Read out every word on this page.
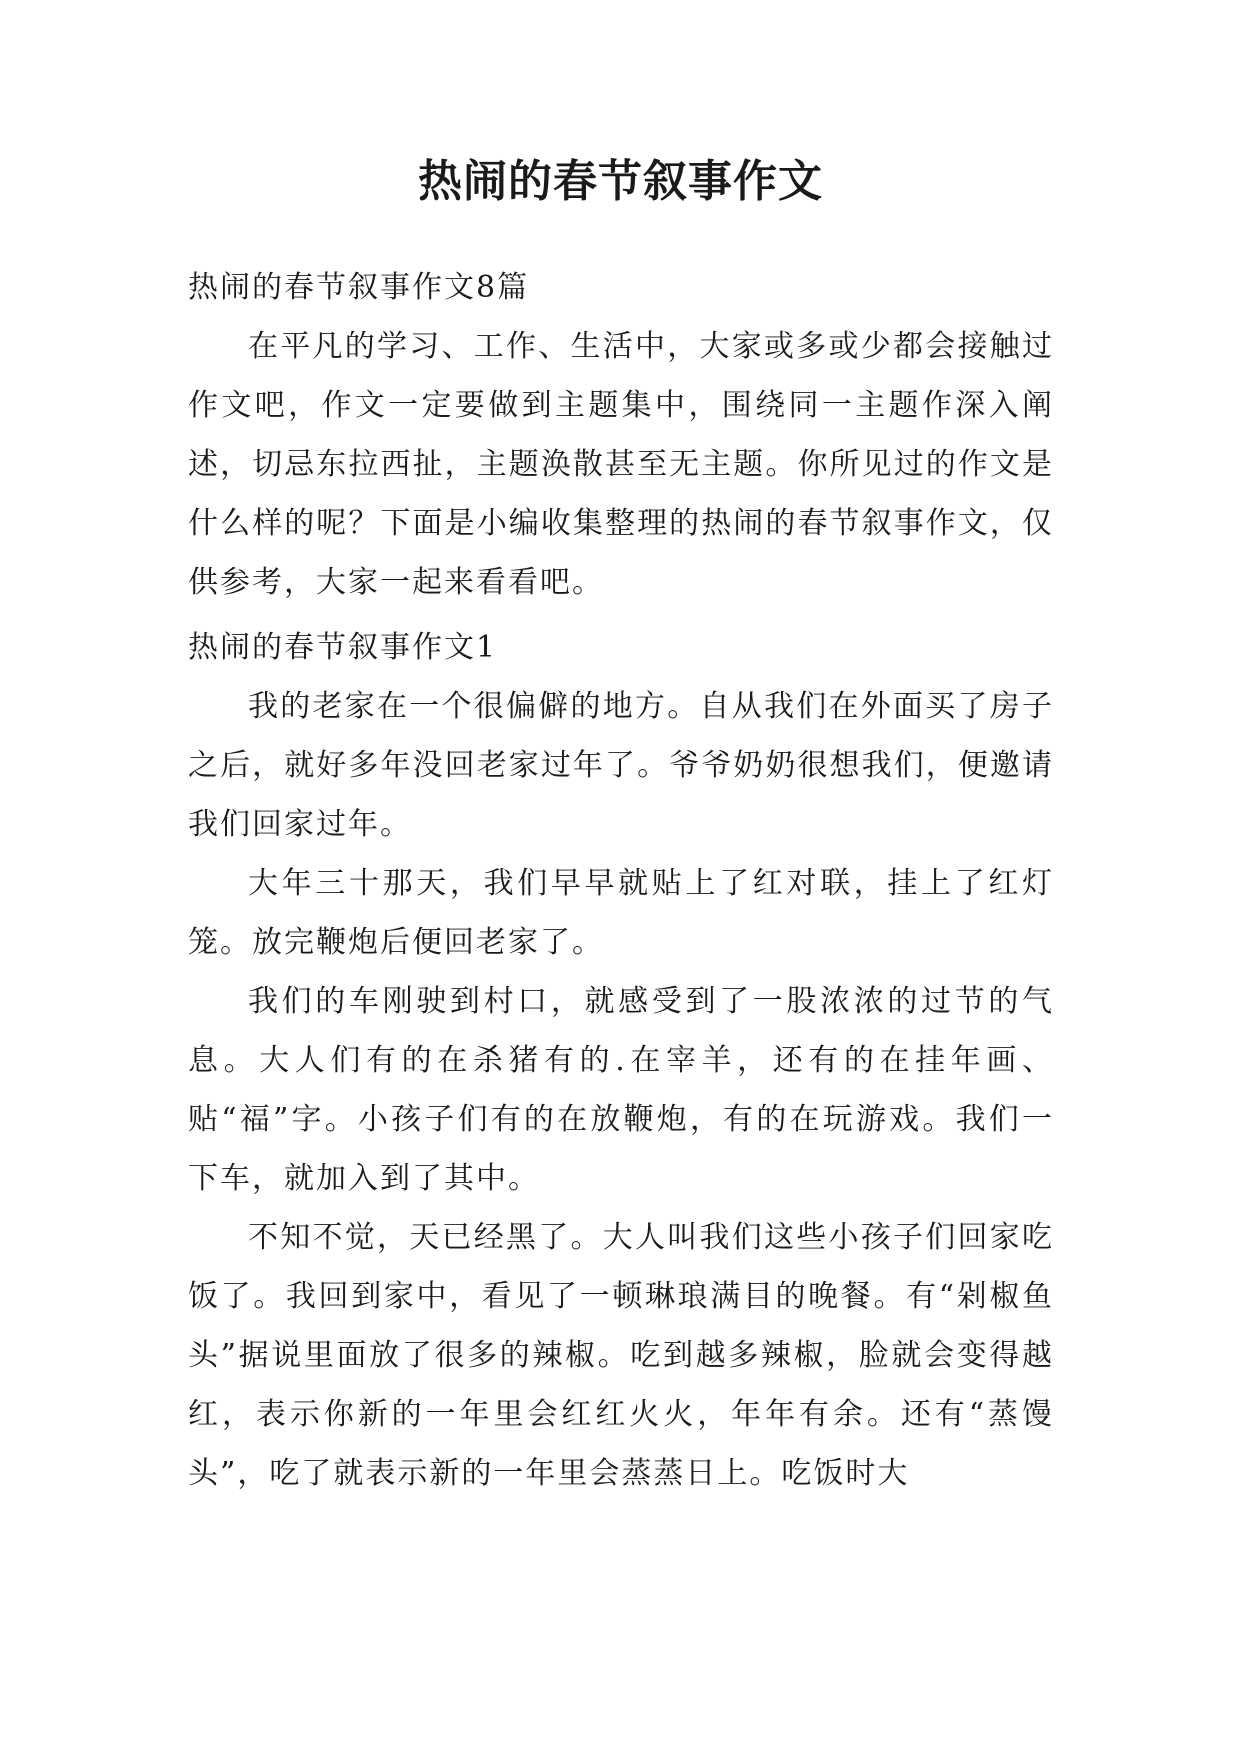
热闹的春节叙事作文

热闹的春节叙事作文8篇

在平凡的学习、工作、生活中，大家或多或少都会接触过作文吧，作文一定要做到主题集中，围绕同一主题作深入阐述，切忌东拉西扯，主题涣散甚至无主题。你所见过的作文是什么样的呢？下面是小编收集整理的热闹的春节叙事作文，仅供参考，大家一起来看看吧。

热闹的春节叙事作文1

我的老家在一个很偏僻的地方。自从我们在外面买了房子之后，就好多年没回老家过年了。爷爷奶奶很想我们，便邀请我们回家过年。

大年三十那天，我们早早就贴上了红对联，挂上了红灯笼。放完鞭炮后便回老家了。

我们的车刚驶到村口，就感受到了一股浓浓的过节的气息。大人们有的在杀猪有的.在宰羊，还有的在挂年画、贴“福”字。小孩子们有的在放鞭炮，有的在玩游戏。我们一下车，就加入到了其中。

不知不觉，天已经黑了。大人叫我们这些小孩子们回家吃饭了。我回到家中，看见了一顿琳琅满目的晚餐。有“剁椒鱼头”据说里面放了很多的辣椒。吃到越多辣椒，脸就会变得越红，表示你新的一年里会红红火火，年年有余。还有“蒸馒头”，吃了就表示新的一年里会蒸蒸日上。吃饭时大
